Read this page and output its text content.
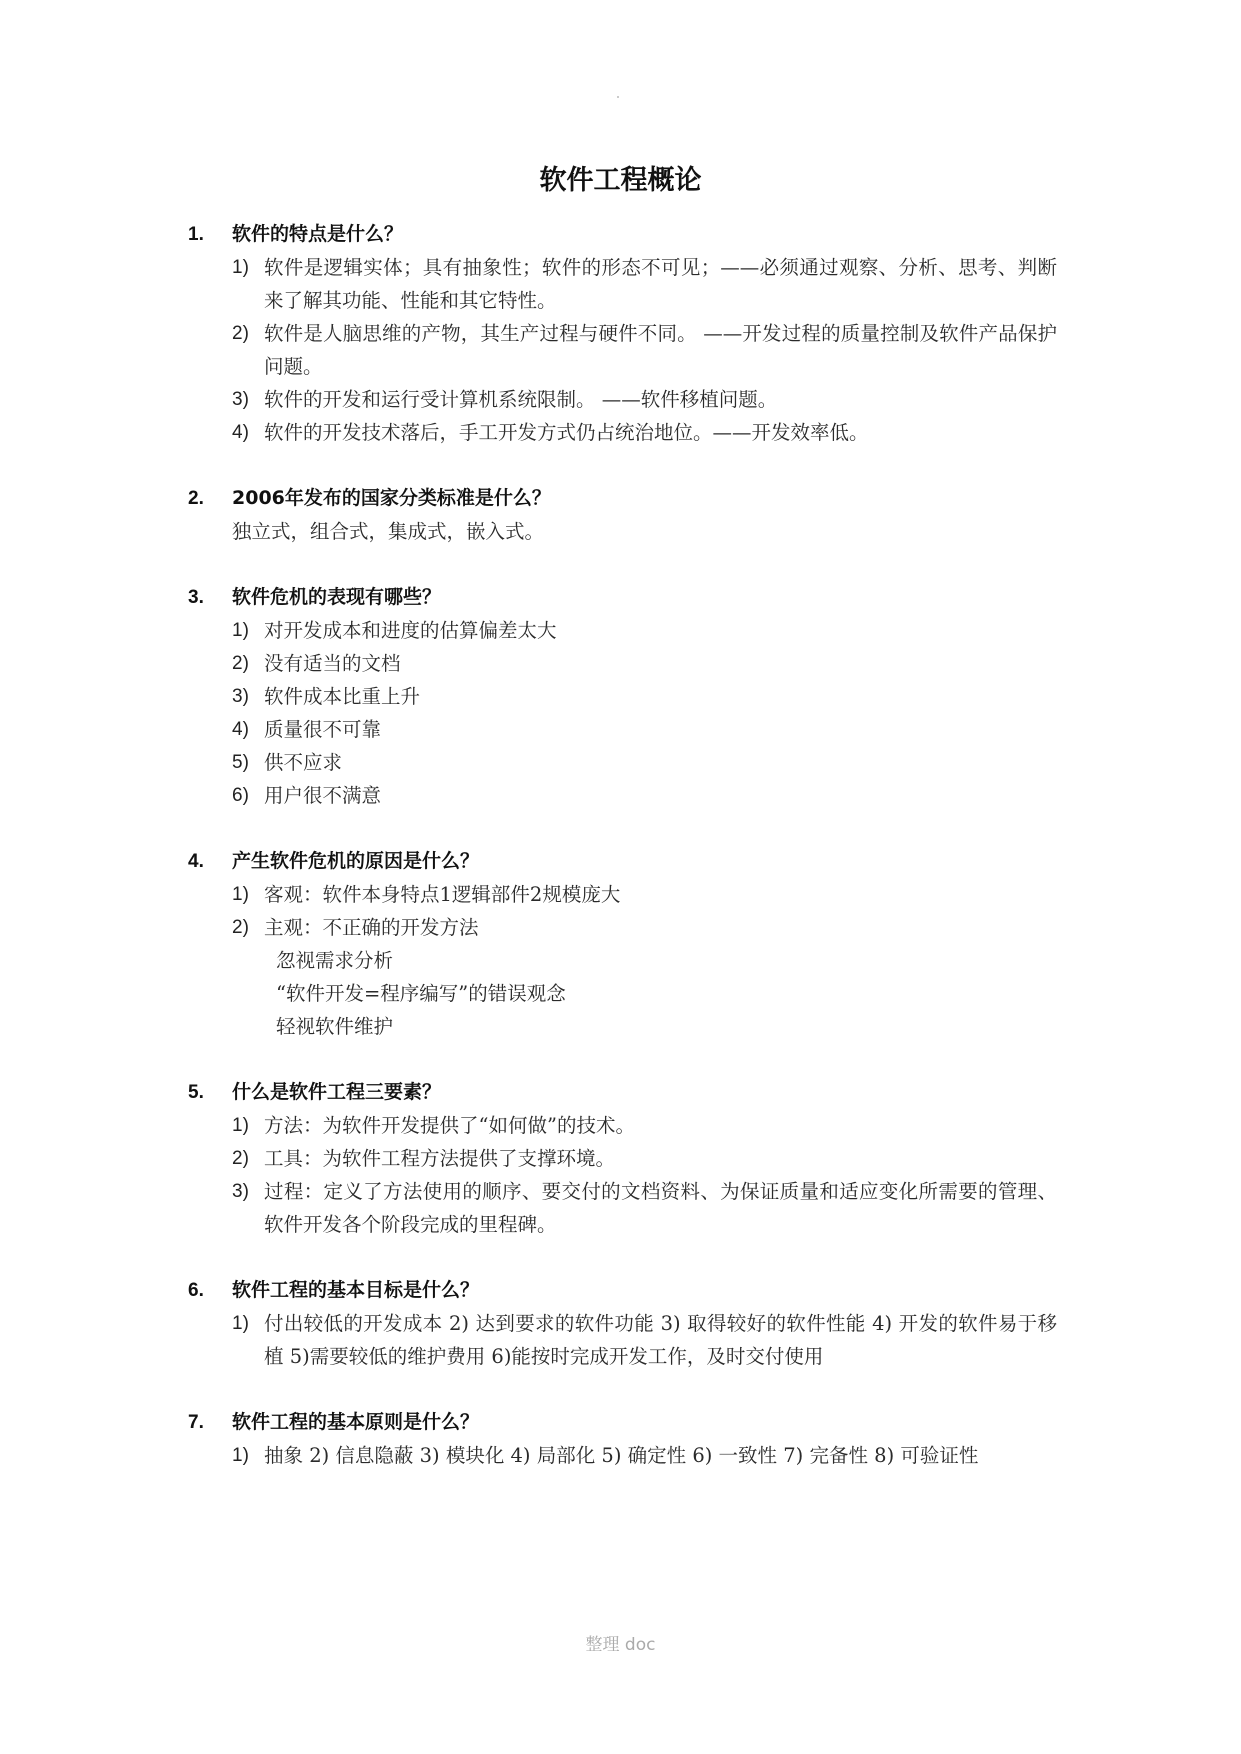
软件工程概论
1. 软件的特点是什么？
1) 软件是逻辑实体；具有抽象性；软件的形态不可见；——必须通过观察、分析、思考、判断来了解其功能、性能和其它特性。
2) 软件是人脑思维的产物，其生产过程与硬件不同。 ——开发过程的质量控制及软件产品保护问题。
3) 软件的开发和运行受计算机系统限制。 ——软件移植问题。
4) 软件的开发技术落后，手工开发方式仍占统治地位。——开发效率低。
2. 2006年发布的国家分类标准是什么？
独立式，组合式，集成式，嵌入式。
3. 软件危机的表现有哪些？
1) 对开发成本和进度的估算偏差太大
2) 没有适当的文档
3) 软件成本比重上升
4) 质量很不可靠
5) 供不应求
6) 用户很不满意
4. 产生软件危机的原因是什么？
1) 客观：软件本身特点1逻辑部件2规模庞大
2) 主观：不正确的开发方法
忽视需求分析
“软件开发=程序编写”的错误观念
轻视软件维护
5. 什么是软件工程三要素？
1) 方法：为软件开发提供了“如何做”的技术。
2) 工具：为软件工程方法提供了支撑环境。
3) 过程：定义了方法使用的顺序、要交付的文档资料、为保证质量和适应变化所需要的管理、 软件开发各个阶段完成的里程碑。
6. 软件工程的基本目标是什么？
1) 付出较低的开发成本 2) 达到要求的软件功能 3) 取得较好的软件性能 4) 开发的软件易于移植 5)需要较低的维护费用 6)能按时完成开发工作，及时交付使用
7. 软件工程的基本原则是什么？
1) 抽象 2) 信息隐蔽 3) 模块化 4) 局部化 5) 确定性 6) 一致性 7) 完备性 8) 可验证性
整理 doc
